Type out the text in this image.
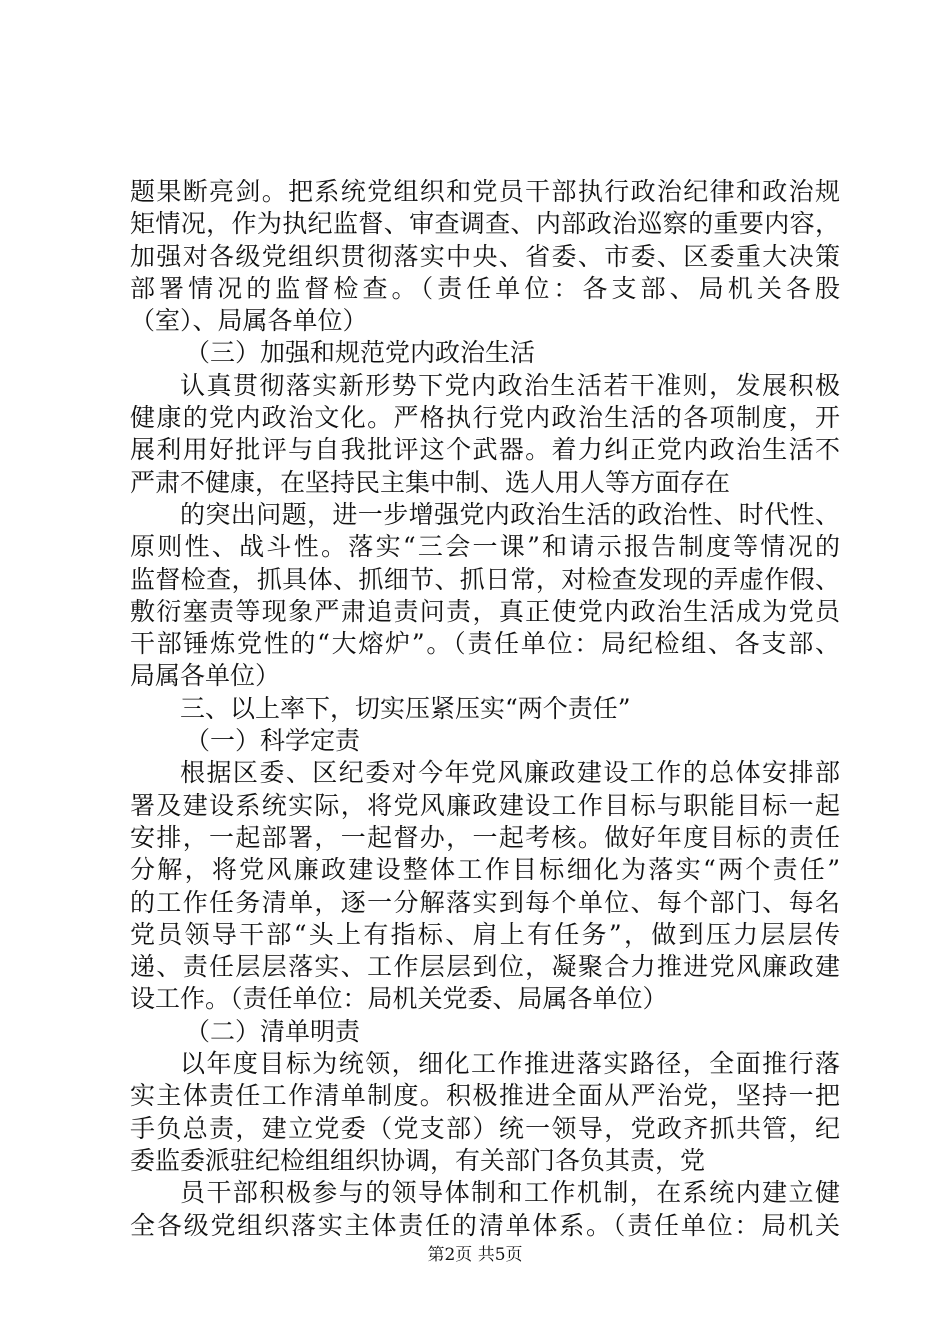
题果断亮剑。把系统党组织和党员干部执行政治纪律和政治规
矩情况，作为执纪监督、审查调查、内部政治巡察的重要内容，
加强对各级党组织贯彻落实中央、省委、市委、区委重大决策
部署情况的监督检查。（责任单位：各支部、局机关各股
（室）、局属各单位）
（三）加强和规范党内政治生活
认真贯彻落实新形势下党内政治生活若干准则，发展积极
健康的党内政治文化。严格执行党内政治生活的各项制度，开
展利用好批评与自我批评这个武器。着力纠正党内政治生活不
严肃不健康，在坚持民主集中制、选人用人等方面存在
的突出问题，进一步增强党内政治生活的政治性、时代性、
原则性、战斗性。落实“三会一课”和请示报告制度等情况的
监督检查，抓具体、抓细节、抓日常，对检查发现的弄虚作假、
敷衍塞责等现象严肃追责问责，真正使党内政治生活成为党员
干部锤炼党性的“大熔炉”。（责任单位：局纪检组、各支部、
局属各单位）
三、以上率下，切实压紧压实“两个责任”
（一）科学定责
根据区委、区纪委对今年党风廉政建设工作的总体安排部
署及建设系统实际，将党风廉政建设工作目标与职能目标一起
安排，一起部署，一起督办，一起考核。做好年度目标的责任
分解，将党风廉政建设整体工作目标细化为落实“两个责任”
的工作任务清单，逐一分解落实到每个单位、每个部门、每名
党员领导干部“头上有指标、肩上有任务”，做到压力层层传
递、责任层层落实、工作层层到位，凝聚合力推进党风廉政建
设工作。（责任单位：局机关党委、局属各单位）
（二）清单明责
以年度目标为统领，细化工作推进落实路径，全面推行落
实主体责任工作清单制度。积极推进全面从严治党，坚持一把
手负总责，建立党委（党支部）统一领导，党政齐抓共管，纪
委监委派驻纪检组组织协调，有关部门各负其责，党
员干部积极参与的领导体制和工作机制，在系统内建立健
全各级党组织落实主体责任的清单体系。（责任单位：局机关
第2页 共5页
